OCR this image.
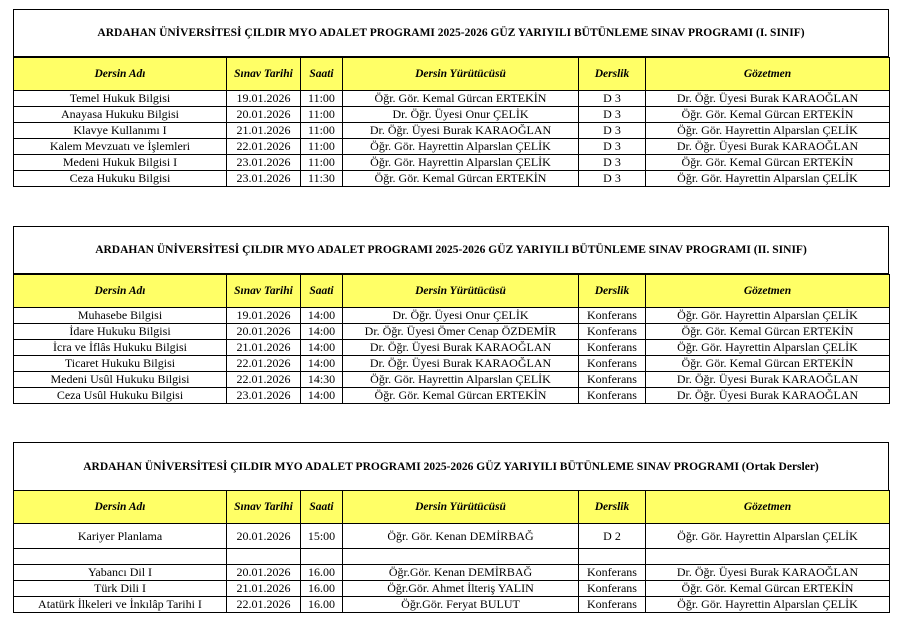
ARDAHAN ÜNİVERSİTESİ ÇILDIR MYO ADALET PROGRAMI 2025-2026 GÜZ YARIYILI BÜTÜNLEME SINAV PROGRAMI (I. SINIF)
Dersin Adı	Sınav Tarihi	Saati	Dersin Yürütücüsü	Derslik	Gözetmen
Temel Hukuk Bilgisi	19.01.2026	11:00	Öğr. Gör. Kemal Gürcan ERTEKİN	D 3	Dr. Öğr. Üyesi Burak KARAOĞLAN
Anayasa Hukuku Bilgisi	20.01.2026	11:00	Dr. Öğr. Üyesi Onur ÇELİK	D 3	Öğr. Gör. Kemal Gürcan ERTEKİN
Klavye Kullanımı I	21.01.2026	11:00	Dr. Öğr. Üyesi Burak KARAOĞLAN	D 3	Öğr. Gör. Hayrettin Alparslan ÇELİK
Kalem Mevzuatı ve İşlemleri	22.01.2026	11:00	Öğr. Gör. Hayrettin Alparslan ÇELİK	D 3	Dr. Öğr. Üyesi Burak KARAOĞLAN
Medeni Hukuk Bilgisi I	23.01.2026	11:00	Öğr. Gör. Hayrettin Alparslan ÇELİK	D 3	Öğr. Gör. Kemal Gürcan ERTEKİN
Ceza Hukuku Bilgisi	23.01.2026	11:30	Öğr. Gör. Kemal Gürcan ERTEKİN	D 3	Öğr. Gör. Hayrettin Alparslan ÇELİK
ARDAHAN ÜNİVERSİTESİ ÇILDIR MYO ADALET PROGRAMI 2025-2026 GÜZ YARIYILI BÜTÜNLEME SINAV PROGRAMI (II. SINIF)
Dersin Adı	Sınav Tarihi	Saati	Dersin Yürütücüsü	Derslik	Gözetmen
Muhasebe Bilgisi	19.01.2026	14:00	Dr. Öğr. Üyesi Onur ÇELİK	Konferans	Öğr. Gör. Hayrettin Alparslan ÇELİK
İdare Hukuku Bilgisi	20.01.2026	14:00	Dr. Öğr. Üyesi Ömer Cenap ÖZDEMİR	Konferans	Öğr. Gör. Kemal Gürcan ERTEKİN
İcra ve İflâs Hukuku Bilgisi	21.01.2026	14:00	Dr. Öğr. Üyesi Burak KARAOĞLAN	Konferans	Öğr. Gör. Hayrettin Alparslan ÇELİK
Ticaret Hukuku Bilgisi	22.01.2026	14:00	Dr. Öğr. Üyesi Burak KARAOĞLAN	Konferans	Öğr. Gör. Kemal Gürcan ERTEKİN
Medeni Usûl Hukuku Bilgisi	22.01.2026	14:30	Öğr. Gör. Hayrettin Alparslan ÇELİK	Konferans	Dr. Öğr. Üyesi Burak KARAOĞLAN
Ceza Usûl Hukuku Bilgisi	23.01.2026	14:00	Öğr. Gör. Kemal Gürcan ERTEKİN	Konferans	Dr. Öğr. Üyesi Burak KARAOĞLAN
ARDAHAN ÜNİVERSİTESİ ÇILDIR MYO ADALET PROGRAMI 2025-2026 GÜZ YARIYILI BÜTÜNLEME SINAV PROGRAMI (Ortak Dersler)
Dersin Adı	Sınav Tarihi	Saati	Dersin Yürütücüsü	Derslik	Gözetmen
Kariyer Planlama	20.01.2026	15:00	Öğr. Gör. Kenan DEMİRBAĞ	D 2	Öğr. Gör. Hayrettin Alparslan ÇELİK

Yabancı Dil I	20.01.2026	16.00	Öğr.Gör. Kenan DEMİRBAĞ	Konferans	Dr. Öğr. Üyesi Burak KARAOĞLAN
Türk Dili I	21.01.2026	16.00	Öğr.Gör. Ahmet İlteriş YALIN	Konferans	Öğr. Gör. Kemal Gürcan ERTEKİN
Atatürk İlkeleri ve İnkılâp Tarihi I	22.01.2026	16.00	Öğr.Gör. Feryat BULUT	Konferans	Öğr. Gör. Hayrettin Alparslan ÇELİK
